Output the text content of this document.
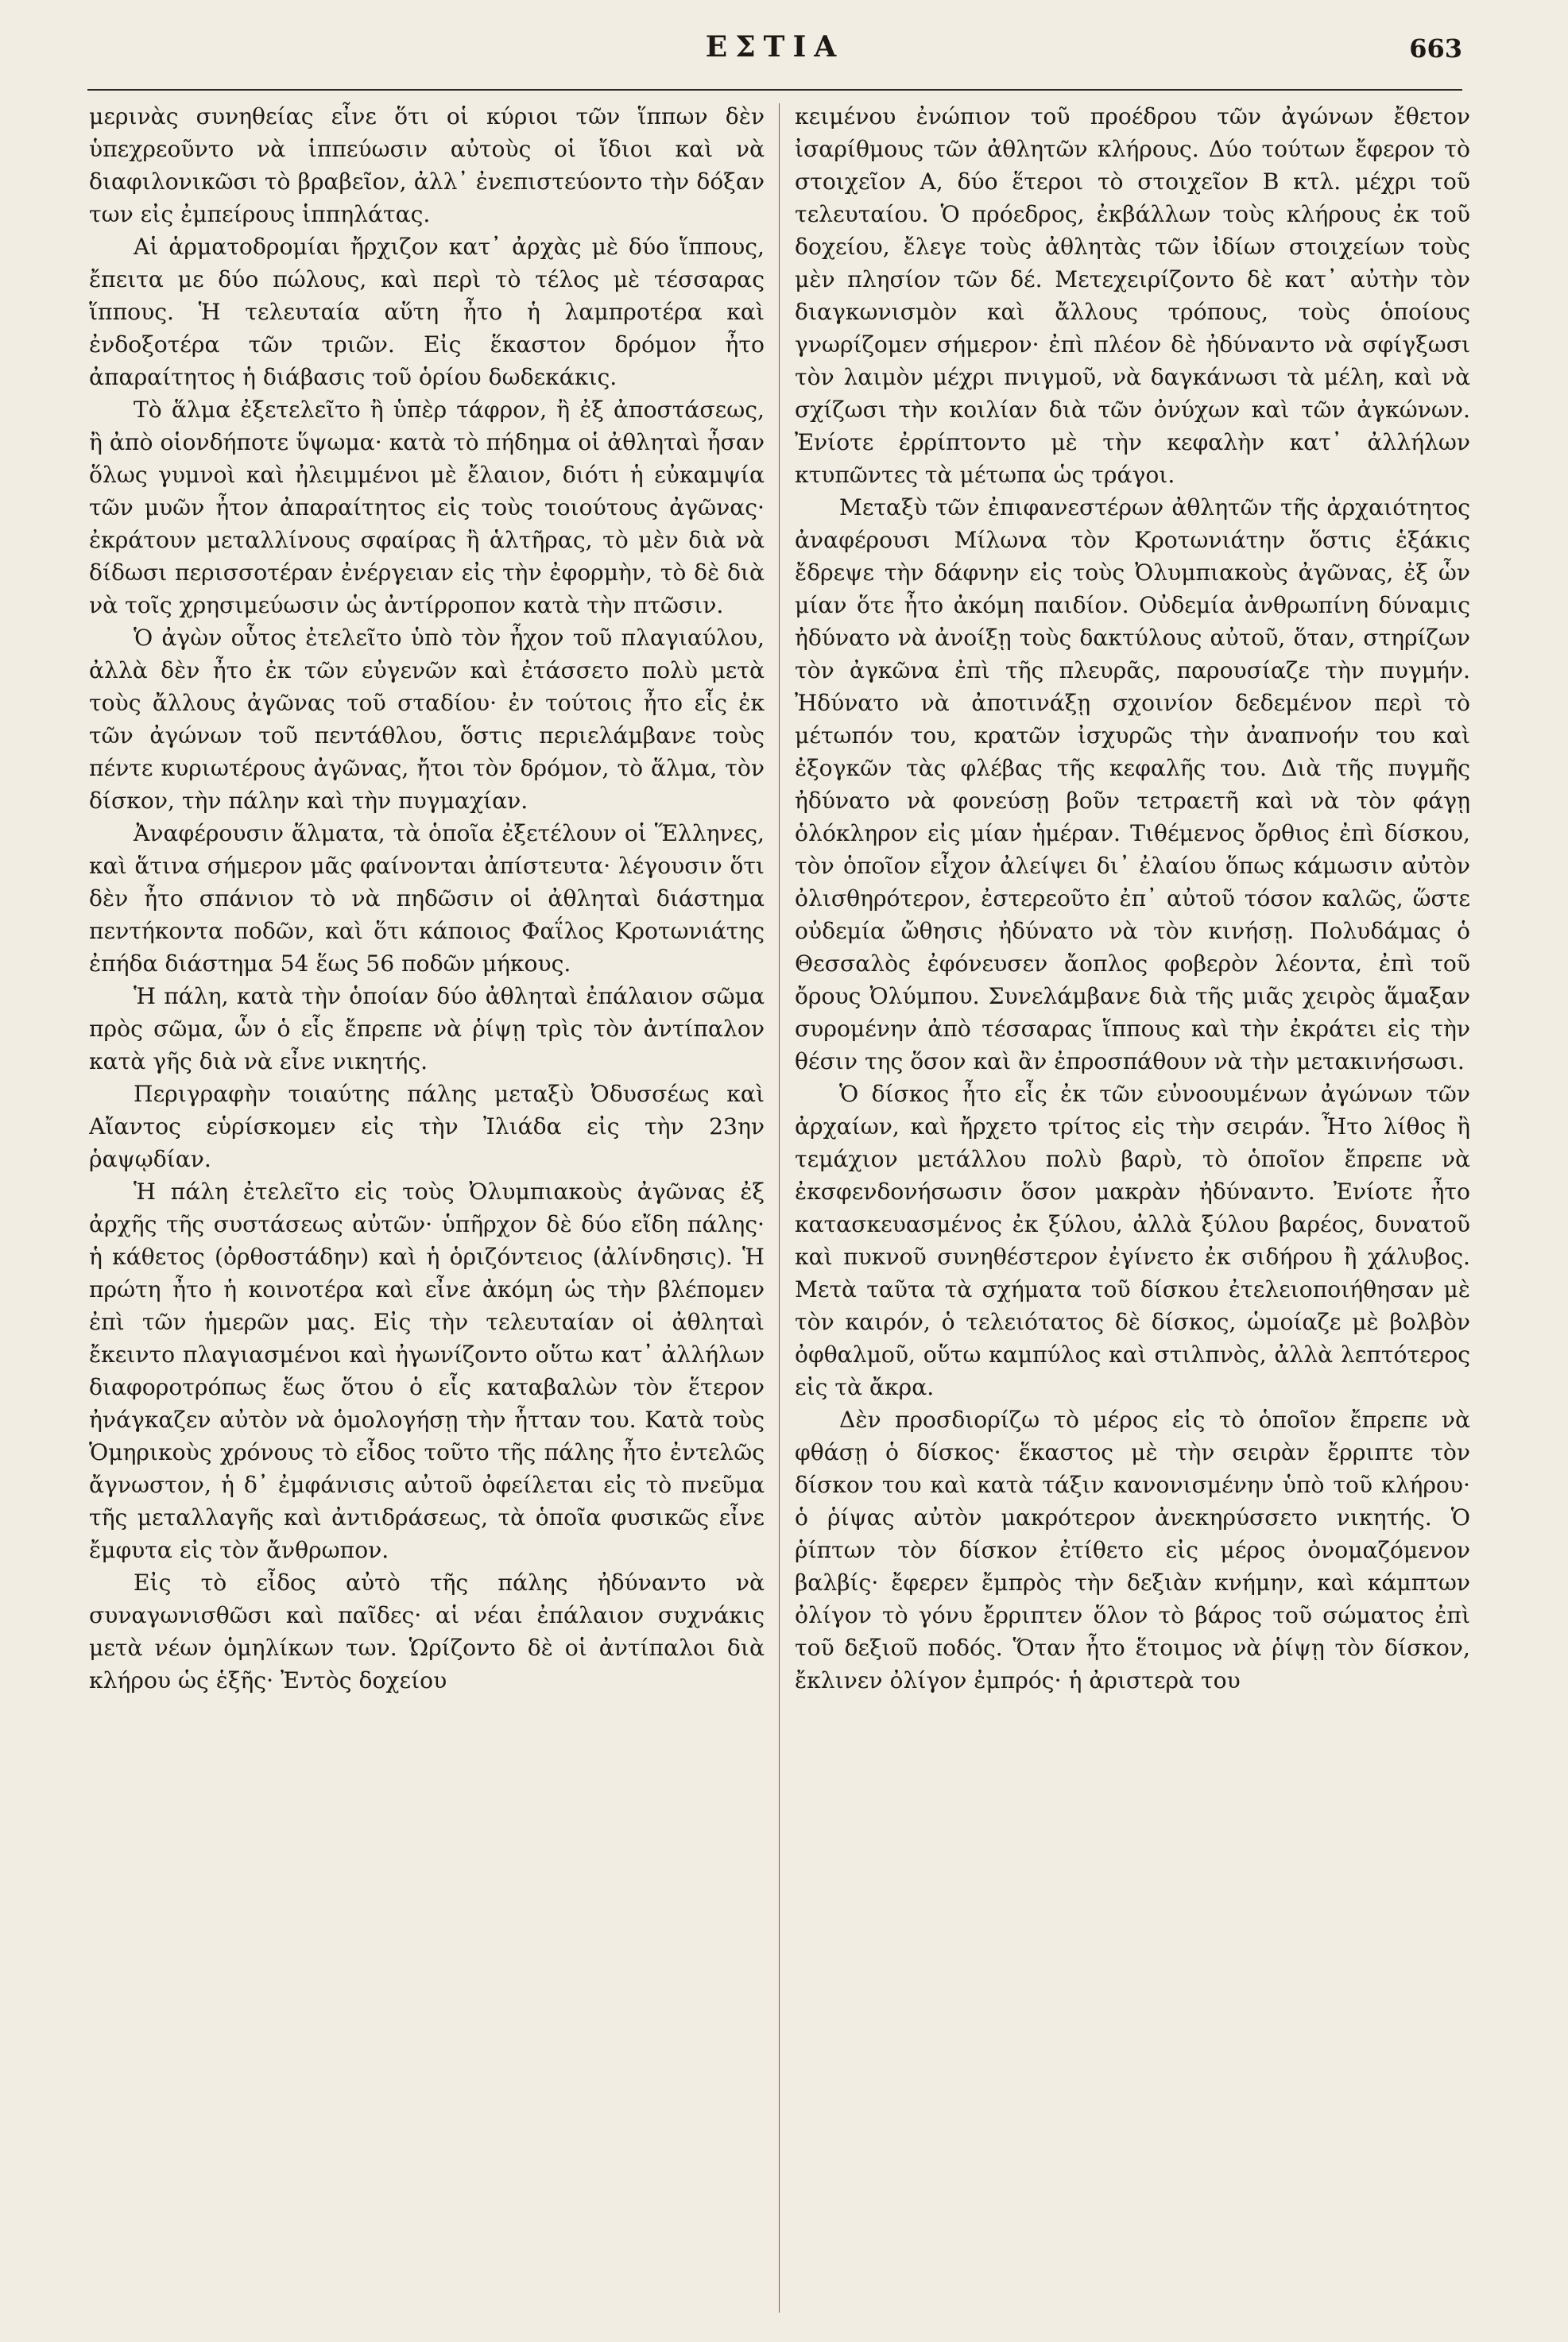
ΕΣΤΙΑ	663

μερινὰς συνηθείας εἶνε ὅτι οἱ κύριοι τῶν ἵππων δὲν ὑπεχρεοῦντο νὰ ἱππεύωσιν αὐτοὺς οἱ ἴδιοι καὶ νὰ διαφιλονικῶσι τὸ βραβεῖον, ἀλλ᾽ ἐνεπιστεύοντο τὴν δόξαν των εἰς ἐμπείρους ἱππηλάτας.

Αἱ ἁρματοδρομίαι ἤρχιζον κατ᾽ ἀρχὰς μὲ δύο ἵππους, ἔπειτα με δύο πώλους, καὶ περὶ τὸ τέλος μὲ τέσσαρας ἵππους. Ἡ τελευταία αὕτη ἦτο ἡ λαμπροτέρα καὶ ἐνδοξοτέρα τῶν τριῶν. Εἰς ἕκαστον δρόμον ἦτο ἀπαραίτητος ἡ διάβασις τοῦ ὁρίου δωδεκάκις.

Τὸ ἅλμα ἐξετελεῖτο ἢ ὑπὲρ τάφρον, ἢ ἐξ ἀποστάσεως, ἢ ἀπὸ οἱονδήποτε ὕψωμα· κατὰ τὸ πήδημα οἱ ἀθληταὶ ἦσαν ὅλως γυμνοὶ καὶ ἠλειμμένοι μὲ ἔλαιον, διότι ἡ εὐκαμψία τῶν μυῶν ἦτον ἀπαραίτητος εἰς τοὺς τοιούτους ἀγῶνας· ἐκράτουν μεταλλίνους σφαίρας ἢ ἁλτῆρας, τὸ μὲν διὰ νὰ δίδωσι περισσοτέραν ἐνέργειαν εἰς τὴν ἐφορμὴν, τὸ δὲ διὰ νὰ τοῖς χρησιμεύωσιν ὡς ἀντίρροπον κατὰ τὴν πτῶσιν.

Ὁ ἀγὼν οὗτος ἐτελεῖτο ὑπὸ τὸν ἦχον τοῦ πλαγιαύλου, ἀλλὰ δὲν ἦτο ἐκ τῶν εὐγενῶν καὶ ἐτάσσετο πολὺ μετὰ τοὺς ἄλλους ἀγῶνας τοῦ σταδίου· ἐν τούτοις ἦτο εἷς ἐκ τῶν ἀγώνων τοῦ πεντάθλου, ὅστις περιελάμβανε τοὺς πέντε κυριωτέρους ἀγῶνας, ἤτοι τὸν δρόμον, τὸ ἅλμα, τὸν δίσκον, τὴν πάλην καὶ τὴν πυγμαχίαν.

Ἀναφέρουσιν ἅλματα, τὰ ὁποῖα ἐξετέλουν οἱ Ἕλληνες, καὶ ἅτινα σήμερον μᾶς φαίνονται ἀπίστευτα· λέγουσιν ὅτι δὲν ἦτο σπάνιον τὸ νὰ πηδῶσιν οἱ ἀθληταὶ διάστημα πεντήκοντα ποδῶν, καὶ ὅτι κάποιος Φαΐλος Κροτωνιάτης ἐπήδα διάστημα 54 ἕως 56 ποδῶν μήκους.

Ἡ πάλη, κατὰ τὴν ὁποίαν δύο ἀθληταὶ ἐπάλαιον σῶμα πρὸς σῶμα, ὧν ὁ εἷς ἔπρεπε νὰ ῥίψῃ τρὶς τὸν ἀντίπαλον κατὰ γῆς διὰ νὰ εἶνε νικητής.

Περιγραφὴν τοιαύτης πάλης μεταξὺ Ὀδυσσέως καὶ Αἴαντος εὑρίσκομεν εἰς τὴν Ἰλιάδα εἰς τὴν 23ην ῥαψῳδίαν.

Ἡ πάλη ἐτελεῖτο εἰς τοὺς Ὀλυμπιακοὺς ἀγῶνας ἐξ ἀρχῆς τῆς συστάσεως αὐτῶν· ὑπῆρχον δὲ δύο εἴδη πάλης· ἡ κάθετος (ὀρθοστάδην) καὶ ἡ ὁριζόντειος (ἀλίνδησις). Ἡ πρώτη ἦτο ἡ κοινοτέρα καὶ εἶνε ἀκόμη ὡς τὴν βλέπομεν ἐπὶ τῶν ἡμερῶν μας. Εἰς τὴν τελευταίαν οἱ ἀθληταὶ ἔκειντο πλαγιασμένοι καὶ ἠγωνίζοντο οὕτω κατ᾽ ἀλλήλων διαφοροτρόπως ἕως ὅτου ὁ εἷς καταβαλὼν τὸν ἕτερον ἠνάγκαζεν αὐτὸν νὰ ὁμολογήσῃ τὴν ἧτταν του. Κατὰ τοὺς Ὁμηρικοὺς χρόνους τὸ εἶδος τοῦτο τῆς πάλης ἦτο ἐντελῶς ἄγνωστον, ἡ δ᾽ ἐμφάνισις αὐτοῦ ὀφείλεται εἰς τὸ πνεῦμα τῆς μεταλλαγῆς καὶ ἀντιδράσεως, τὰ ὁποῖα φυσικῶς εἶνε ἔμφυτα εἰς τὸν ἄνθρωπον.

Εἰς τὸ εἶδος αὐτὸ τῆς πάλης ἠδύναντο νὰ συναγωνισθῶσι καὶ παῖδες· αἱ νέαι ἐπάλαιον συχνάκις μετὰ νέων ὁμηλίκων των. Ὡρίζοντο δὲ οἱ ἀντίπαλοι διὰ κλήρου ὡς ἑξῆς· Ἐντὸς δοχείου

κειμένου ἐνώπιον τοῦ προέδρου τῶν ἀγώνων ἔθετον ἰσαρίθμους τῶν ἀθλητῶν κλήρους. Δύο τούτων ἔφερον τὸ στοιχεῖον Α, δύο ἕτεροι τὸ στοιχεῖον Β κτλ. μέχρι τοῦ τελευταίου. Ὁ πρόεδρος, ἐκβάλλων τοὺς κλήρους ἐκ τοῦ δοχείου, ἔλεγε τοὺς ἀθλητὰς τῶν ἰδίων στοιχείων τοὺς μὲν πλησίον τῶν δέ. Μετεχειρίζοντο δὲ κατ᾽ αὐτὴν τὸν διαγκωνισμὸν καὶ ἄλλους τρόπους, τοὺς ὁποίους γνωρίζομεν σήμερον· ἐπὶ πλέον δὲ ἠδύναντο νὰ σφίγξωσι τὸν λαιμὸν μέχρι πνιγμοῦ, νὰ δαγκάνωσι τὰ μέλη, καὶ νὰ σχίζωσι τὴν κοιλίαν διὰ τῶν ὀνύχων καὶ τῶν ἀγκώνων. Ἐνίοτε ἐρρίπτοντο μὲ τὴν κεφαλὴν κατ᾽ ἀλλήλων κτυπῶντες τὰ μέτωπα ὡς τράγοι.

Μεταξὺ τῶν ἐπιφανεστέρων ἀθλητῶν τῆς ἀρχαιότητος ἀναφέρουσι Μίλωνα τὸν Κροτωνιάτην ὅστις ἑξάκις ἔδρεψε τὴν δάφνην εἰς τοὺς Ὀλυμπιακοὺς ἀγῶνας, ἐξ ὧν μίαν ὅτε ἦτο ἀκόμη παιδίον. Οὐδεμία ἀνθρωπίνη δύναμις ἠδύνατο νὰ ἀνοίξῃ τοὺς δακτύλους αὐτοῦ, ὅταν, στηρίζων τὸν ἀγκῶνα ἐπὶ τῆς πλευρᾶς, παρουσίαζε τὴν πυγμήν. Ἠδύνατο νὰ ἀποτινάξῃ σχοινίον δεδεμένον περὶ τὸ μέτωπόν του, κρατῶν ἰσχυρῶς τὴν ἀναπνοήν του καὶ ἐξογκῶν τὰς φλέβας τῆς κεφαλῆς του. Διὰ τῆς πυγμῆς ἠδύνατο νὰ φονεύσῃ βοῦν τετραετῆ καὶ νὰ τὸν φάγῃ ὁλόκληρον εἰς μίαν ἡμέραν. Τιθέμενος ὄρθιος ἐπὶ δίσκου, τὸν ὁποῖον εἶχον ἀλείψει δι᾽ ἐλαίου ὅπως κάμωσιν αὐτὸν ὀλισθηρότερον, ἐστερεοῦτο ἐπ᾽ αὐτοῦ τόσον καλῶς, ὥστε οὐδεμία ὤθησις ἠδύνατο νὰ τὸν κινήσῃ. Πολυδάμας ὁ Θεσσαλὸς ἐφόνευσεν ἄοπλος φοβερὸν λέοντα, ἐπὶ τοῦ ὄρους Ὀλύμπου. Συνελάμβανε διὰ τῆς μιᾶς χειρὸς ἅμαξαν συρομένην ἀπὸ τέσσαρας ἵππους καὶ τὴν ἐκράτει εἰς τὴν θέσιν της ὅσον καὶ ἂν ἐπροσπάθουν νὰ τὴν μετακινήσωσι.

Ὁ δίσκος ἦτο εἷς ἐκ τῶν εὐνοουμένων ἀγώνων τῶν ἀρχαίων, καὶ ἤρχετο τρίτος εἰς τὴν σειράν. Ἦτο λίθος ἢ τεμάχιον μετάλλου πολὺ βαρὺ, τὸ ὁποῖον ἔπρεπε νὰ ἐκσφενδονήσωσιν ὅσον μακρὰν ἠδύναντο. Ἐνίοτε ἦτο κατασκευασμένος ἐκ ξύλου, ἀλλὰ ξύλου βαρέος, δυνατοῦ καὶ πυκνοῦ συνηθέστερον ἐγίνετο ἐκ σιδήρου ἢ χάλυβος. Μετὰ ταῦτα τὰ σχήματα τοῦ δίσκου ἐτελειοποιήθησαν μὲ τὸν καιρόν, ὁ τελειότατος δὲ δίσκος, ὡμοίαζε μὲ βολβὸν ὀφθαλμοῦ, οὕτω καμπύλος καὶ στιλπνὸς, ἀλλὰ λεπτότερος εἰς τὰ ἄκρα.

Δὲν προσδιορίζω τὸ μέρος εἰς τὸ ὁποῖον ἔπρεπε νὰ φθάσῃ ὁ δίσκος· ἕκαστος μὲ τὴν σειρὰν ἔρριπτε τὸν δίσκον του καὶ κατὰ τάξιν κανονισμένην ὑπὸ τοῦ κλήρου· ὁ ῥίψας αὐτὸν μακρότερον ἀνεκηρύσσετο νικητής. Ὁ ῥίπτων τὸν δίσκον ἐτίθετο εἰς μέρος ὀνομαζόμενον βαλβίς· ἔφερεν ἔμπρὸς τὴν δεξιὰν κνήμην, καὶ κάμπτων ὀλίγον τὸ γόνυ ἔρριπτεν ὅλον τὸ βάρος τοῦ σώματος ἐπὶ τοῦ δεξιοῦ ποδός. Ὅταν ἦτο ἕτοιμος νὰ ῥίψῃ τὸν δίσκον, ἔκλινεν ὀλίγον ἐμπρός· ἡ ἀριστερὰ του
